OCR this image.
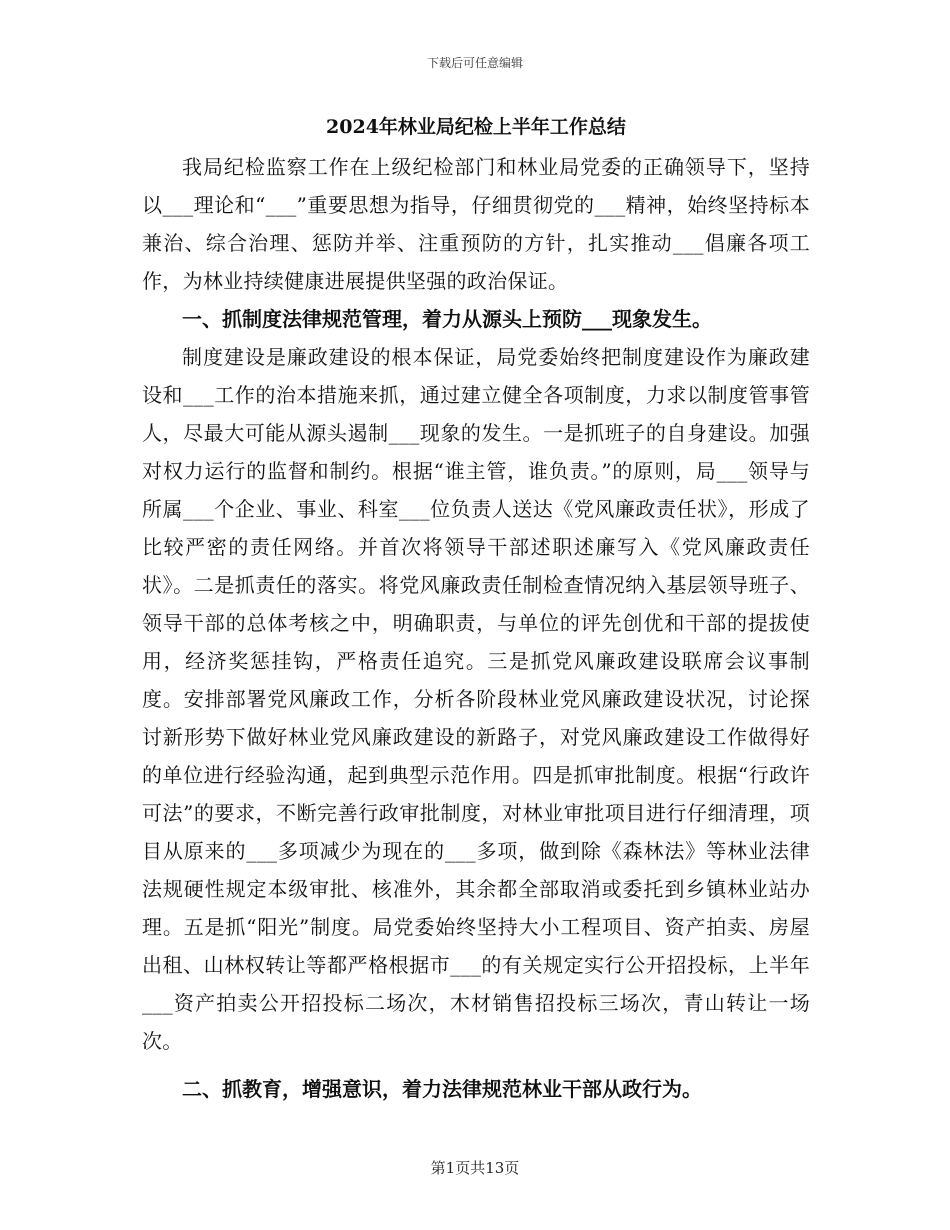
下载后可任意编辑
2024年林业局纪检上半年工作总结

我局纪检监察工作在上级纪检部门和林业局党委的正确领导下，坚持以___理论和“___”重要思想为指导，仔细贯彻党的___精神，始终坚持标本兼治、综合治理、惩防并举、注重预防的方针，扎实推动___倡廉各项工作，为林业持续健康进展提供坚强的政治保证。

一、抓制度法律规范管理，着力从源头上预防___现象发生。

制度建设是廉政建设的根本保证，局党委始终把制度建设作为廉政建设和___工作的治本措施来抓，通过建立健全各项制度，力求以制度管事管人，尽最大可能从源头遏制___现象的发生。一是抓班子的自身建设。加强对权力运行的监督和制约。根据“谁主管，谁负责。”的原则，局___领导与所属___个企业、事业、科室___位负责人送达《党风廉政责任状》，形成了比较严密的责任网络。并首次将领导干部述职述廉写入《党风廉政责任状》。二是抓责任的落实。将党风廉政责任制检查情况纳入基层领导班子、领导干部的总体考核之中，明确职责，与单位的评先创优和干部的提拔使用，经济奖惩挂钩，严格责任追究。三是抓党风廉政建设联席会议事制度。安排部署党风廉政工作，分析各阶段林业党风廉政建设状况，讨论探讨新形势下做好林业党风廉政建设的新路子，对党风廉政建设工作做得好的单位进行经验沟通，起到典型示范作用。四是抓审批制度。根据“行政许可法”的要求，不断完善行政审批制度，对林业审批项目进行仔细清理，项目从原来的___多项减少为现在的___多项，做到除《森林法》等林业法律法规硬性规定本级审批、核准外，其余都全部取消或委托到乡镇林业站办理。五是抓“阳光”制度。局党委始终坚持大小工程项目、资产拍卖、房屋出租、山林权转让等都严格根据市___的有关规定实行公开招投标，上半年___资产拍卖公开招投标二场次，木材销售招投标三场次，青山转让一场次。

二、抓教育，增强意识，着力法律规范林业干部从政行为。

第1页共13页
